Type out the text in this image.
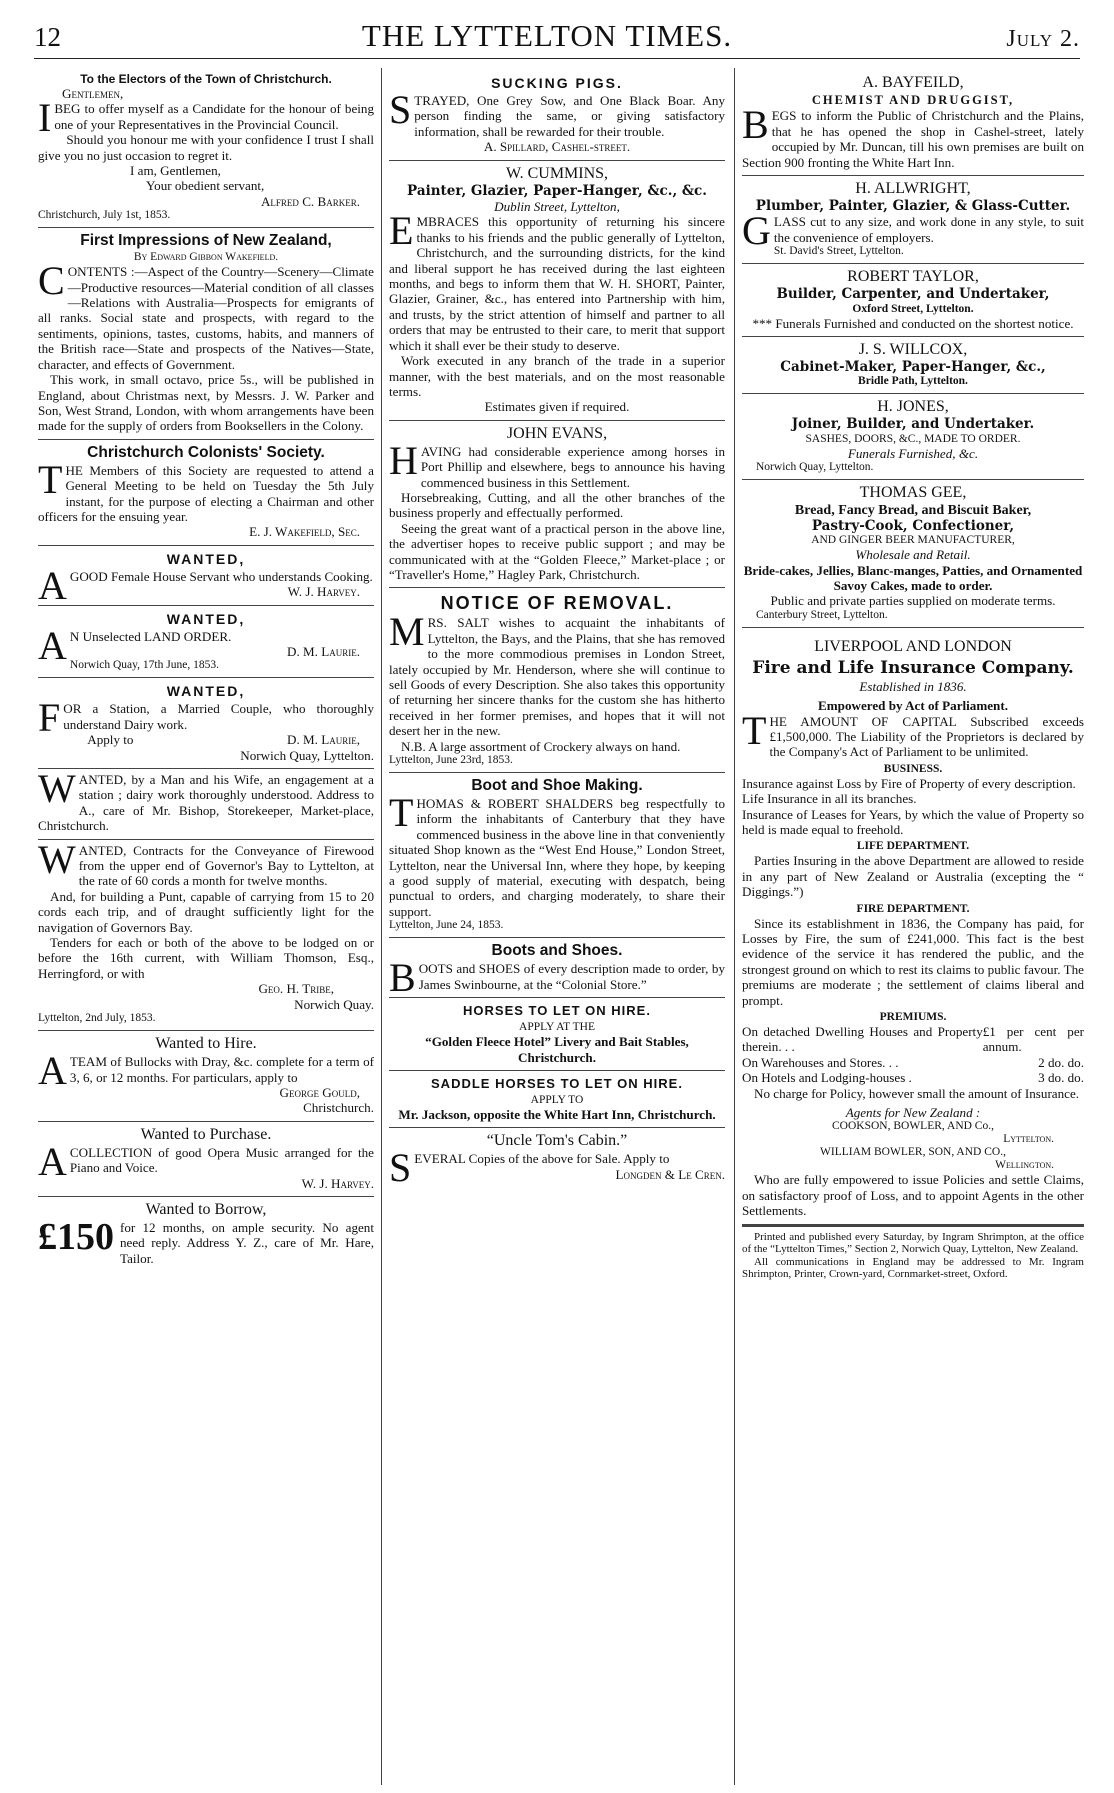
12	THE LYTTELTON TIMES.	July 2.
To the Electors of the Town of Christchurch.
Gentlemen,

IBEG to offer myself as a Candidate for the honour of being one of your Representatives in the Provincial Council.

Should you honour me with your confidence I trust I shall give you no just occasion to regret it.

I am, Gentlemen,
Your obedient servant,
Alfred C. Barker.
Christchurch, July 1st, 1853.
First Impressions of New Zealand,
By Edward Gibbon Wakefield.

CONTENTS :—Aspect of the Country—Scenery—Climate—Productive resources—Material condition of all classes—Relations with Australia—Prospects for emigrants of all ranks. Social state and prospects, with regard to the sentiments, opinions, tastes, customs, habits, and manners of the British race—State and prospects of the Natives—State, character, and effects of Government.

This work, in small octavo, price 5s., will be published in England, about Christmas next, by Messrs. J. W. Parker and Son, West Strand, London, with whom arrangements have been made for the supply of orders from Booksellers in the Colony.

Christchurch Colonists' Society.

THE Members of this Society are requested to attend a General Meeting to be held on Tuesday the 5th July instant, for the purpose of electing a Chairman and other officers for the ensuing year.

E. J. Wakefield, Sec.
WANTED,

AGOOD Female House Servant who understands Cooking.

W. J. Harvey.
WANTED,

AN Unselected LAND ORDER.

D. M. Laurie.
Norwich Quay, 17th June, 1853.
WANTED,

FOR a Station, a Married Couple, who thoroughly understand Dairy work.

Apply to	D. M. Laurie,
Norwich Quay, Lyttelton.

WANTED, by a Man and his Wife, an engagement at a station ; dairy work thoroughly understood. Address to A., care of Mr. Bishop, Storekeeper, Market-place, Christchurch.

WANTED, Contracts for the Conveyance of Firewood from the upper end of Governor's Bay to Lyttelton, at the rate of 60 cords a month for twelve months.

And, for building a Punt, capable of carrying from 15 to 20 cords each trip, and of draught sufficiently light for the navigation of Governors Bay.

Tenders for each or both of the above to be lodged on or before the 16th current, with William Thomson, Esq., Herringford, or with

Geo. H. Tribe,
Norwich Quay.
Lyttelton, 2nd July, 1853.
Wanted to Hire.

ATEAM of Bullocks with Dray, &c. complete for a term of 3, 6, or 12 months. For particulars, apply to

George Gould,
Christchurch.
Wanted to Purchase.

ACOLLECTION of good Opera Music arranged for the Piano and Voice.

W. J. Harvey.
Wanted to Borrow,
£150 for 12 months, on ample security. No agent need reply. Address Y. Z., care of Mr. Hare, Tailor.
SUCKING PIGS.

STRAYED, One Grey Sow, and One Black Boar. Any person finding the same, or giving satisfactory information, shall be rewarded for their trouble.

A. Spillard, Cashel-street.
W. CUMMINS,
Painter, Glazier, Paper-Hanger, &c., &c.
Dublin Street, Lyttelton,

EMBRACES this opportunity of returning his sincere thanks to his friends and the public generally of Lyttelton, Christchurch, and the surrounding districts, for the kind and liberal support he has received during the last eighteen months, and begs to inform them that W. H. SHORT, Painter, Glazier, Grainer, &c., has entered into Partnership with him, and trusts, by the strict attention of himself and partner to all orders that may be entrusted to their care, to merit that support which it shall ever be their study to deserve.

Work executed in any branch of the trade in a superior manner, with the best materials, and on the most reasonable terms.

Estimates given if required.
JOHN EVANS,

HAVING had considerable experience among horses in Port Phillip and elsewhere, begs to announce his having commenced business in this Settlement.

Horsebreaking, Cutting, and all the other branches of the business properly and effectually performed.

Seeing the great want of a practical person in the above line, the advertiser hopes to receive public support ; and may be communicated with at the “Golden Fleece,” Market-place ; or “Traveller's Home,” Hagley Park, Christchurch.

NOTICE OF REMOVAL.

MRS. SALT wishes to acquaint the inhabitants of Lyttelton, the Bays, and the Plains, that she has removed to the more commodious premises in London Street, lately occupied by Mr. Henderson, where she will continue to sell Goods of every Description. She also takes this opportunity of returning her sincere thanks for the custom she has hitherto received in her former premises, and hopes that it will not desert her in the new.

N.B. A large assortment of Crockery always on hand.

Lyttelton, June 23rd, 1853.
Boot and Shoe Making.

THOMAS & ROBERT SHALDERS beg respectfully to inform the inhabitants of Canterbury that they have commenced business in the above line in that conveniently situated Shop known as the “West End House,” London Street, Lyttelton, near the Universal Inn, where they hope, by keeping a good supply of material, executing with despatch, being punctual to orders, and charging moderately, to share their support.

Lyttelton, June 24, 1853.
Boots and Shoes.

BOOTS and SHOES of every description made to order, by James Swinbourne, at the “Colonial Store.”

HORSES TO LET ON HIRE.
APPLY AT THE
“Golden Fleece Hotel” Livery and Bait Stables, Christchurch.
SADDLE HORSES TO LET ON HIRE.
APPLY TO
Mr. Jackson, opposite the White Hart Inn, Christchurch.
“Uncle Tom's Cabin.”

SEVERAL Copies of the above for Sale. Apply to

Longden & Le Cren.
A. BAYFEILD,
CHEMIST AND DRUGGIST,

BEGS to inform the Public of Christchurch and the Plains, that he has opened the shop in Cashel-street, lately occupied by Mr. Duncan, till his own premises are built on Section 900 fronting the White Hart Inn.

H. ALLWRIGHT,
Plumber, Painter, Glazier, & Glass-Cutter.

GLASS cut to any size, and work done in any style, to suit the convenience of employers.

St. David's Street, Lyttelton.
ROBERT TAYLOR,
Builder, Carpenter, and Undertaker,
Oxford Street, Lyttelton.
*** Funerals Furnished and conducted on the shortest notice.
J. S. WILLCOX,
Cabinet-Maker, Paper-Hanger, &c.,
Bridle Path, Lyttelton.
H. JONES,
Joiner, Builder, and Undertaker.
SASHES, DOORS, &C., MADE TO ORDER.
Funerals Furnished, &c.
Norwich Quay, Lyttelton.
THOMAS GEE,
Bread, Fancy Bread, and Biscuit Baker,
Pastry-Cook, Confectioner,
AND GINGER BEER MANUFACTURER,
Wholesale and Retail.
Bride-cakes, Jellies, Blanc-manges, Patties, and Ornamented Savoy Cakes, made to order.
Public and private parties supplied on moderate terms.
Canterbury Street, Lyttelton.
LIVERPOOL AND LONDON
Fire and Life Insurance Company.
Established in 1836.
Empowered by Act of Parliament.

THE AMOUNT OF CAPITAL Subscribed exceeds £1,500,000. The Liability of the Proprietors is declared by the Company's Act of Parliament to be unlimited.

BUSINESS.

Insurance against Loss by Fire of Property of every description.

Life Insurance in all its branches.

Insurance of Leases for Years, by which the value of Property so held is made equal to freehold.

LIFE DEPARTMENT.

Parties Insuring in the above Department are allowed to reside in any part of New Zealand or Australia (excepting the “ Diggings.”)

FIRE DEPARTMENT.

Since its establishment in 1836, the Company has paid, for Losses by Fire, the sum of £241,000. This fact is the best evidence of the service it has rendered the public, and the strongest ground on which to rest its claims to public favour. The premiums are moderate ; the settlement of claims liberal and prompt.

PREMIUMS.
On detached Dwelling Houses and Property therein. . .
£1 per cent per annum.
On Warehouses and Stores. . .	2 do. do.
On Hotels and Lodging-houses .	3 do. do.

No charge for Policy, however small the amount of Insurance.

Agents for New Zealand :
COOKSON, BOWLER, AND Co.,
Lyttelton.
WILLIAM BOWLER, SON, AND CO.,
Wellington.

Who are fully empowered to issue Policies and settle Claims, on satisfactory proof of Loss, and to appoint Agents in the other Settlements.

Printed and published every Saturday, by Ingram Shrimpton, at the office of the “Lyttelton Times,” Section 2, Norwich Quay, Lyttelton, New Zealand.

All communications in England may be addressed to Mr. Ingram Shrimpton, Printer, Crown-yard, Cornmarket-street, Oxford.
